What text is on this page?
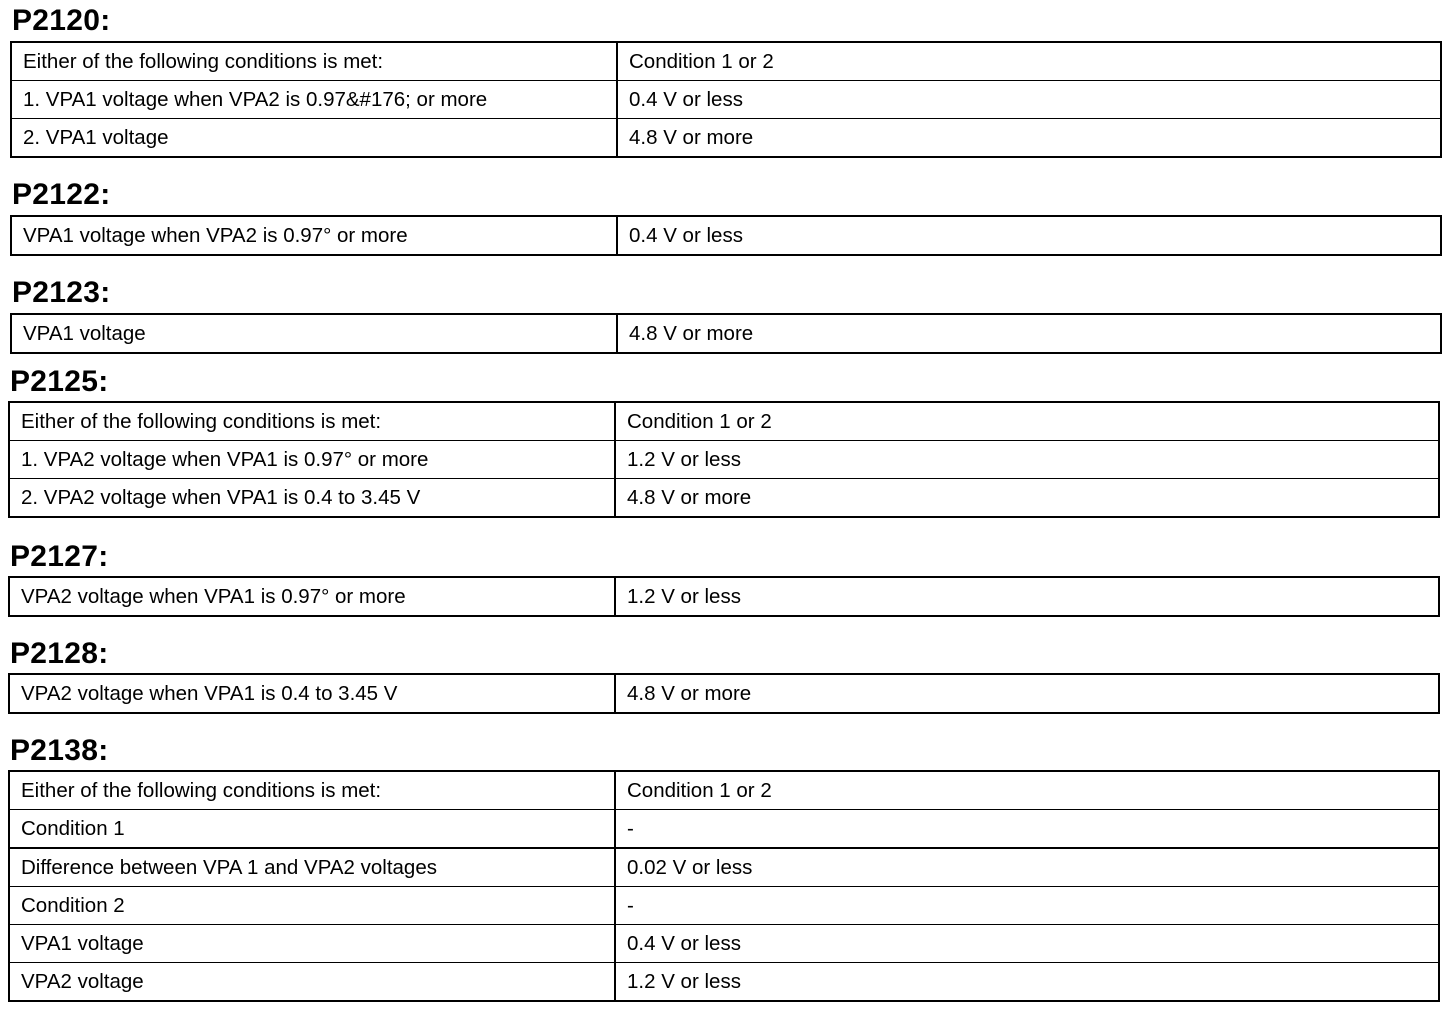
P2120:
Either of the following conditions is met:	Condition 1 or 2
1. VPA1 voltage when VPA2 is 0.97&#176; or more	0.4 V or less
2. VPA1 voltage	4.8 V or more
P2122:
VPA1 voltage when VPA2 is 0.97° or more	0.4 V or less
P2123:
VPA1 voltage	4.8 V or more
P2125:
Either of the following conditions is met:	Condition 1 or 2
1. VPA2 voltage when VPA1 is 0.97° or more	1.2 V or less
2. VPA2 voltage when VPA1 is 0.4 to 3.45 V	4.8 V or more
P2127:
VPA2 voltage when VPA1 is 0.97° or more	1.2 V or less
P2128:
VPA2 voltage when VPA1 is 0.4 to 3.45 V	4.8 V or more
P2138:
Either of the following conditions is met:	Condition 1 or 2
Condition 1	-
Difference between VPA 1 and VPA2 voltages	0.02 V or less
Condition 2	-
VPA1 voltage	0.4 V or less
VPA2 voltage	1.2 V or less
